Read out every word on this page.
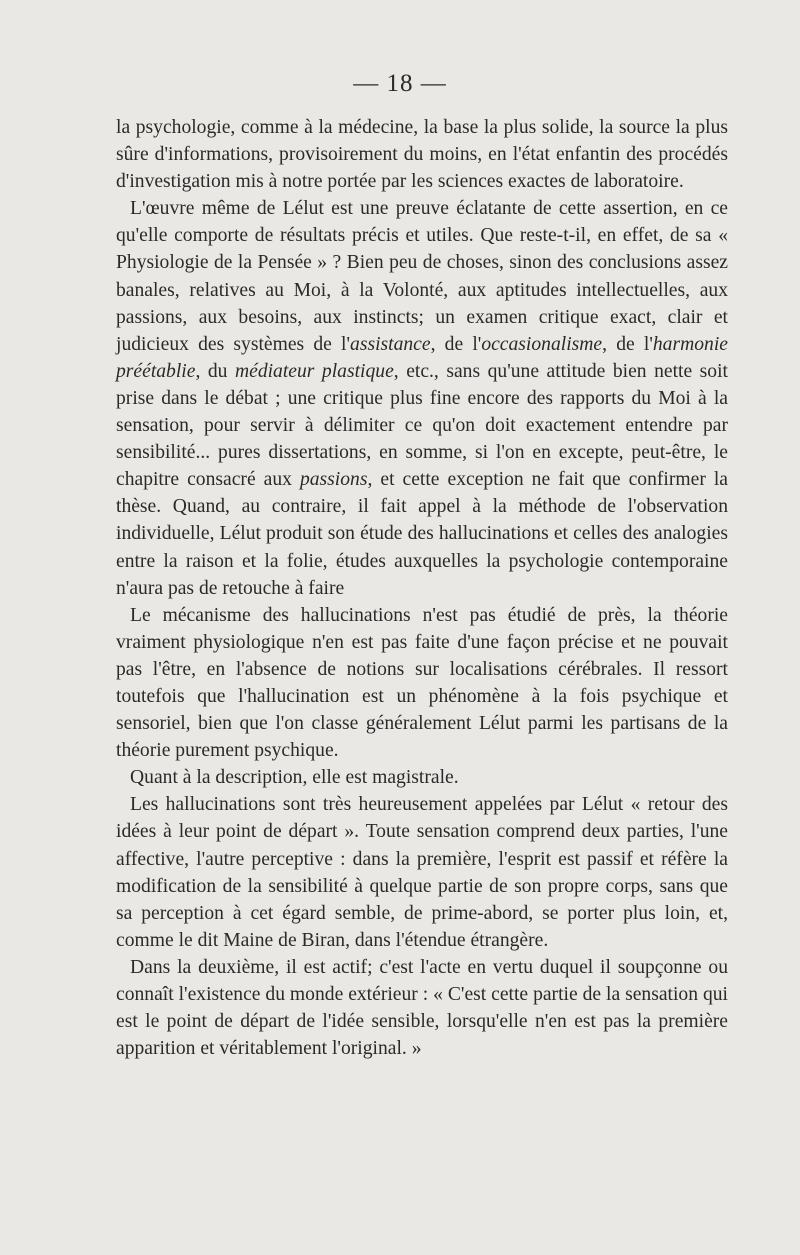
— 18 —

la psychologie, comme à la médecine, la base la plus solide, la source la plus sûre d'informations, provisoirement du moins, en l'état enfantin des procédés d'investigation mis à notre portée par les sciences exactes de laboratoire.

L'œuvre même de Lélut est une preuve éclatante de cette assertion, en ce qu'elle comporte de résultats précis et utiles. Que reste-t-il, en effet, de sa « Physiologie de la Pensée » ? Bien peu de choses, sinon des conclusions assez banales, relatives au Moi, à la Volonté, aux aptitudes intellectuelles, aux passions, aux besoins, aux instincts; un examen critique exact, clair et judicieux des systèmes de l'assistance, de l'occasionalisme, de l'harmonie préétablie, du médiateur plastique, etc., sans qu'une attitude bien nette soit prise dans le débat ; une critique plus fine encore des rapports du Moi à la sensation, pour servir à délimiter ce qu'on doit exactement entendre par sensibilité... pures dissertations, en somme, si l'on en excepte, peut-être, le chapitre consacré aux passions, et cette exception ne fait que confirmer la thèse. Quand, au contraire, il fait appel à la méthode de l'observation individuelle, Lélut produit son étude des hallucinations et celles des analogies entre la raison et la folie, études auxquelles la psychologie contemporaine n'aura pas de retouche à faire

Le mécanisme des hallucinations n'est pas étudié de près, la théorie vraiment physiologique n'en est pas faite d'une façon précise et ne pouvait pas l'être, en l'absence de notions sur localisations cérébrales. Il ressort toutefois que l'hallucination est un phénomène à la fois psychique et sensoriel, bien que l'on classe généralement Lélut parmi les partisans de la théorie purement psychique.

Quant à la description, elle est magistrale.

Les hallucinations sont très heureusement appelées par Lélut « retour des idées à leur point de départ ». Toute sensation comprend deux parties, l'une affective, l'autre perceptive : dans la première, l'esprit est passif et réfère la modification de la sensibilité à quelque partie de son propre corps, sans que sa perception à cet égard semble, de prime-abord, se porter plus loin, et, comme le dit Maine de Biran, dans l'étendue étrangère.

Dans la deuxième, il est actif; c'est l'acte en vertu duquel il soupçonne ou connaît l'existence du monde extérieur : « C'est cette partie de la sensation qui est le point de départ de l'idée sensible, lorsqu'elle n'en est pas la première apparition et véritablement l'original. »
